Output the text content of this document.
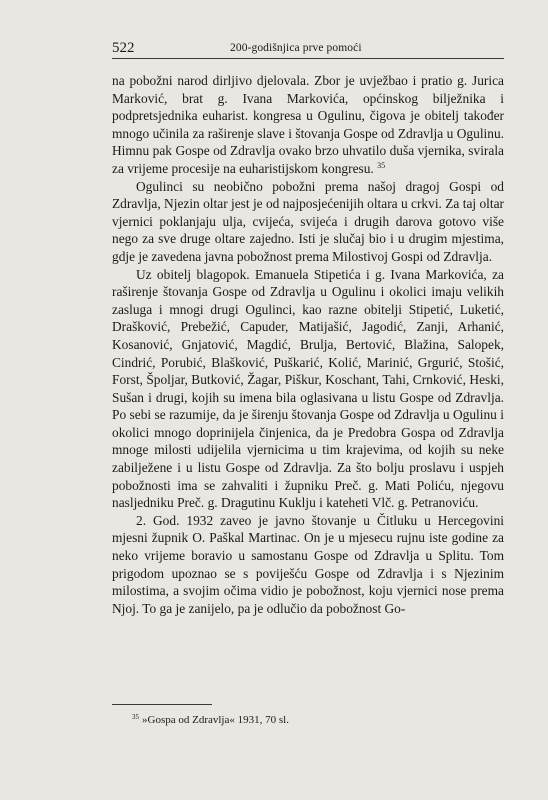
522	200-godišnjica prve pomoći

na pobožni narod dirljivo djelovala. Zbor je uvježbao i pratio g. Jurica Marković, brat g. Ivana Markovića, općinskog bilježnika i podpretsjednika euharist. kongresa u Ogulinu, čigova je obitelj također mnogo učinila za raširenje slave i štovanja Gospe od Zdravlja u Ogulinu. Himnu pak Gospe od Zdravlja ovako brzo uhvatilo duša vjernika, svirala za vrijeme procesije na euharistijskom kongresu. $^{35}$

Ogulinci su neobično pobožni prema našoj dragoj Gospi od Zdravlja, Njezin oltar jest je od najposjećenijih oltara u crkvi. Za taj oltar vjernici poklanjaju ulja, cvijeća, svijeća i drugih darova gotovo više nego za sve druge oltare zajedno. Isti je slučaj bio i u drugim mjestima, gdje je zavedena javna pobožnost prema Milostivoj Gospi od Zdravlja.

Uz obitelj blagopok. Emanuela Stipetića i g. Ivana Markovića, za raširenje štovanja Gospe od Zdravlja u Ogulinu i okolici imaju velikih zasluga i mnogi drugi Ogulinci, kao razne obitelji Stipetić, Luketić, Drašković, Prebežić, Capuder, Matijašić, Jagodić, Zanji, Arhanić, Kosanović, Gnjatović, Magdić, Brulja, Bertović, Blažina, Salopek, Cindrić, Porubić, Blašković, Puškarić, Kolić, Marinić, Grgurić, Stošić, Forst, Špoljar, Butković, Žagar, Piškur, Koschant, Tahi, Crnković, Heski, Sušan i drugi, kojih su imena bila oglasivana u listu Gospe od Zdravlja. Po sebi se razumije, da je širenju štovanja Gospe od Zdravlja u Ogulinu i okolici mnogo doprinijela činjenica, da je Predobra Gospa od Zdravlja mnoge milosti udijelila vjernicima u tim krajevima, od kojih su neke zabilježene i u listu Gospe od Zdravlja. Za što bolju proslavu i uspjeh pobožnosti ima se zahvaliti i župniku Preč. g. Mati Poliću, njegovu nasljedniku Preč. g. Dragutinu Kuklju i kateheti Vlč. g. Petranoviću.

2. God. 1932 zaveo je javno štovanje u Čitluku u Hercegovini mjesni župnik O. Paškal Martinac. On je u mjesecu rujnu iste godine za neko vrijeme boravio u samostanu Gospe od Zdravlja u Splitu. Tom prigodom upoznao se s poviješću Gospe od Zdravlja i s Njezinim milostima, a svojim očima vidio je pobožnost, koju vjernici nose prema Njoj. To ga je zanijelo, pa je odlučio da pobožnost Go-

$^{35}$ »Gospa od Zdravlja« 1931, 70 sl.
